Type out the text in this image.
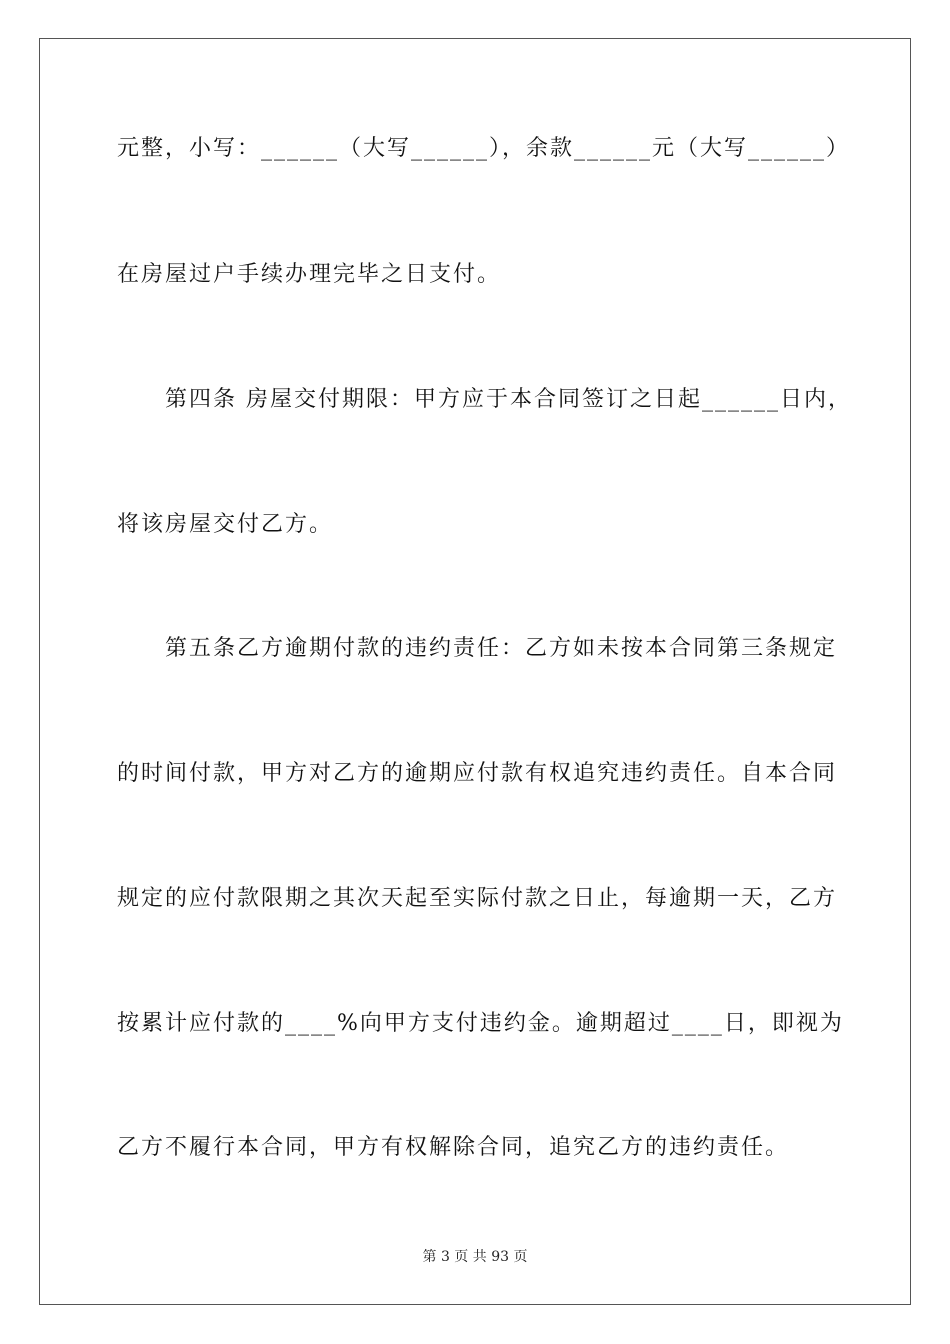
元整，小写：______（大写______），余款______元（大写______）
在房屋过户手续办理完毕之日支付。
第四条 房屋交付期限：甲方应于本合同签订之日起______日内，
将该房屋交付乙方。
第五条乙方逾期付款的违约责任：乙方如未按本合同第三条规定
的时间付款，甲方对乙方的逾期应付款有权追究违约责任。自本合同
规定的应付款限期之其次天起至实际付款之日止，每逾期一天，乙方
按累计应付款的____%向甲方支付违约金。逾期超过____日，即视为
乙方不履行本合同，甲方有权解除合同，追究乙方的违约责任。
第 3 页 共 93 页
